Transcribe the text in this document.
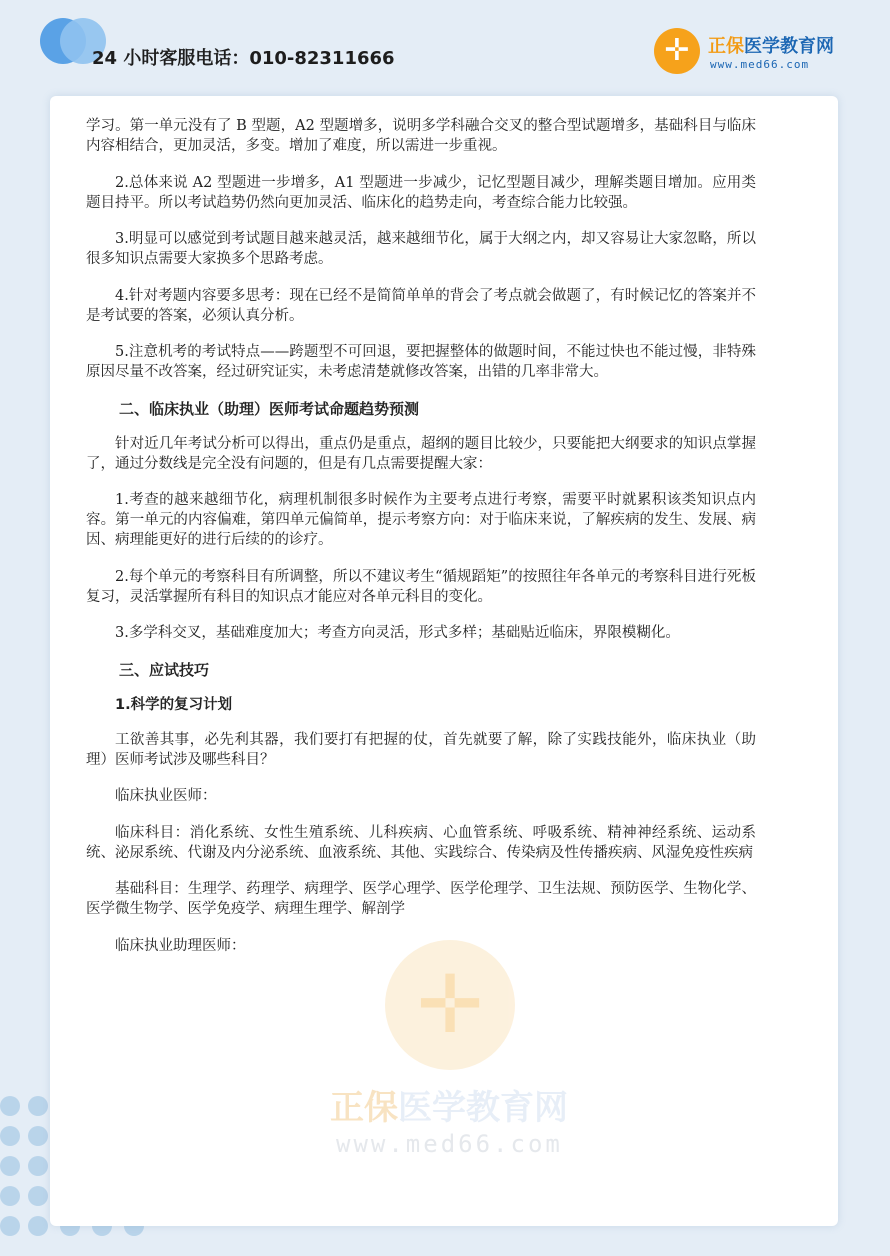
24 小时客服电话：010-82311666	✛	正保医学教育网
www.med66.com
✛
正保医学教育网
www.med66.com

学习。第一单元没有了 B 型题，A2 型题增多，说明多学科融合交叉的整合型试题增多，基础科目与临床内容相结合，更加灵活，多变。增加了难度，所以需进一步重视。

2.总体来说 A2 型题进一步增多，A1 型题进一步减少，记忆型题目减少，理解类题目增加。应用类题目持平。所以考试趋势仍然向更加灵活、临床化的趋势走向，考查综合能力比较强。

3.明显可以感觉到考试题目越来越灵活，越来越细节化，属于大纲之内，却又容易让大家忽略，所以很多知识点需要大家换多个思路考虑。

4.针对考题内容要多思考：现在已经不是简简单单的背会了考点就会做题了，有时候记忆的答案并不是考试要的答案，必须认真分析。

5.注意机考的考试特点——跨题型不可回退，要把握整体的做题时间，不能过快也不能过慢，非特殊原因尽量不改答案，经过研究证实，未考虑清楚就修改答案，出错的几率非常大。

二、临床执业（助理）医师考试命题趋势预测

针对近几年考试分析可以得出，重点仍是重点，超纲的题目比较少，只要能把大纲要求的知识点掌握了，通过分数线是完全没有问题的，但是有几点需要提醒大家：

1.考查的越来越细节化，病理机制很多时候作为主要考点进行考察，需要平时就累积该类知识点内容。第一单元的内容偏难，第四单元偏简单，提示考察方向：对于临床来说，了解疾病的发生、发展、病因、病理能更好的进行后续的的诊疗。

2.每个单元的考察科目有所调整，所以不建议考生“循规蹈矩”的按照往年各单元的考察科目进行死板复习，灵活掌握所有科目的知识点才能应对各单元科目的变化。

3.多学科交叉，基础难度加大；考查方向灵活，形式多样；基础贴近临床，界限模糊化。

三、应试技巧
1.科学的复习计划

工欲善其事，必先利其器，我们要打有把握的仗，首先就要了解，除了实践技能外，临床执业（助理）医师考试涉及哪些科目？

临床执业医师：

临床科目：消化系统、女性生殖系统、儿科疾病、心血管系统、呼吸系统、精神神经系统、运动系统、泌尿系统、代谢及内分泌系统、血液系统、其他、实践综合、传染病及性传播疾病、风湿免疫性疾病

基础科目：生理学、药理学、病理学、医学心理学、医学伦理学、卫生法规、预防医学、生物化学、医学微生物学、医学免疫学、病理生理学、解剖学

临床执业助理医师：
